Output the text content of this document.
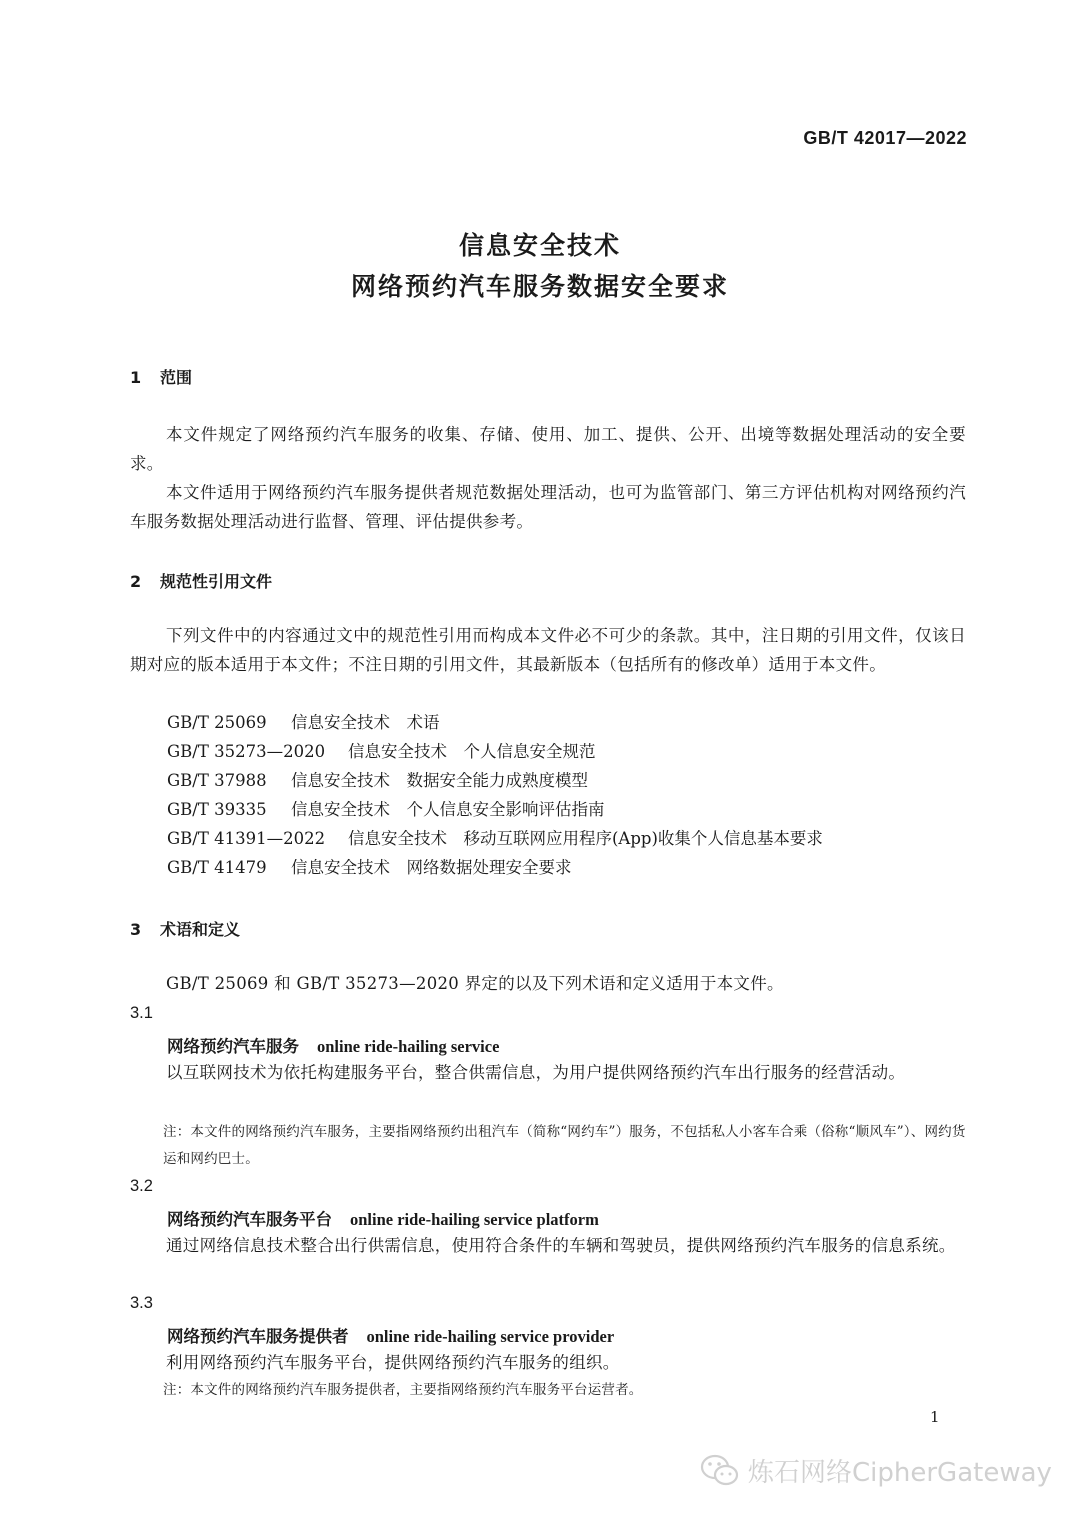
GB/T 42017—2022
信息安全技术
网络预约汽车服务数据安全要求
1 范围
本文件规定了网络预约汽车服务的收集、存储、使用、加工、提供、公开、出境等数据处理活动的安全要求。
本文件适用于网络预约汽车服务提供者规范数据处理活动，也可为监管部门、第三方评估机构对网络预约汽车服务数据处理活动进行监督、管理、评估提供参考。
2 规范性引用文件
下列文件中的内容通过文中的规范性引用而构成本文件必不可少的条款。其中，注日期的引用文件，仅该日期对应的版本适用于本文件；不注日期的引用文件，其最新版本（包括所有的修改单）适用于本文件。
GB/T 25069 信息安全技术　术语
GB/T 35273—2020 信息安全技术　个人信息安全规范
GB/T 37988 信息安全技术　数据安全能力成熟度模型
GB/T 39335 信息安全技术　个人信息安全影响评估指南
GB/T 41391—2022 信息安全技术　移动互联网应用程序(App)收集个人信息基本要求
GB/T 41479 信息安全技术　网络数据处理安全要求
3 术语和定义
GB/T 25069 和 GB/T 35273—2020 界定的以及下列术语和定义适用于本文件。
3.1
网络预约汽车服务 online ride-hailing service
以互联网技术为依托构建服务平台，整合供需信息，为用户提供网络预约汽车出行服务的经营活动。
注：本文件的网络预约汽车服务，主要指网络预约出租汽车（简称“网约车”）服务，不包括私人小客车合乘（俗称“顺风车”）、网约货运和网约巴士。
3.2
网络预约汽车服务平台 online ride-hailing service platform
通过网络信息技术整合出行供需信息，使用符合条件的车辆和驾驶员，提供网络预约汽车服务的信息系统。
3.3
网络预约汽车服务提供者 online ride-hailing service provider
利用网络预约汽车服务平台，提供网络预约汽车服务的组织。
注：本文件的网络预约汽车服务提供者，主要指网络预约汽车服务平台运营者。
1
炼石网络CipherGateway
